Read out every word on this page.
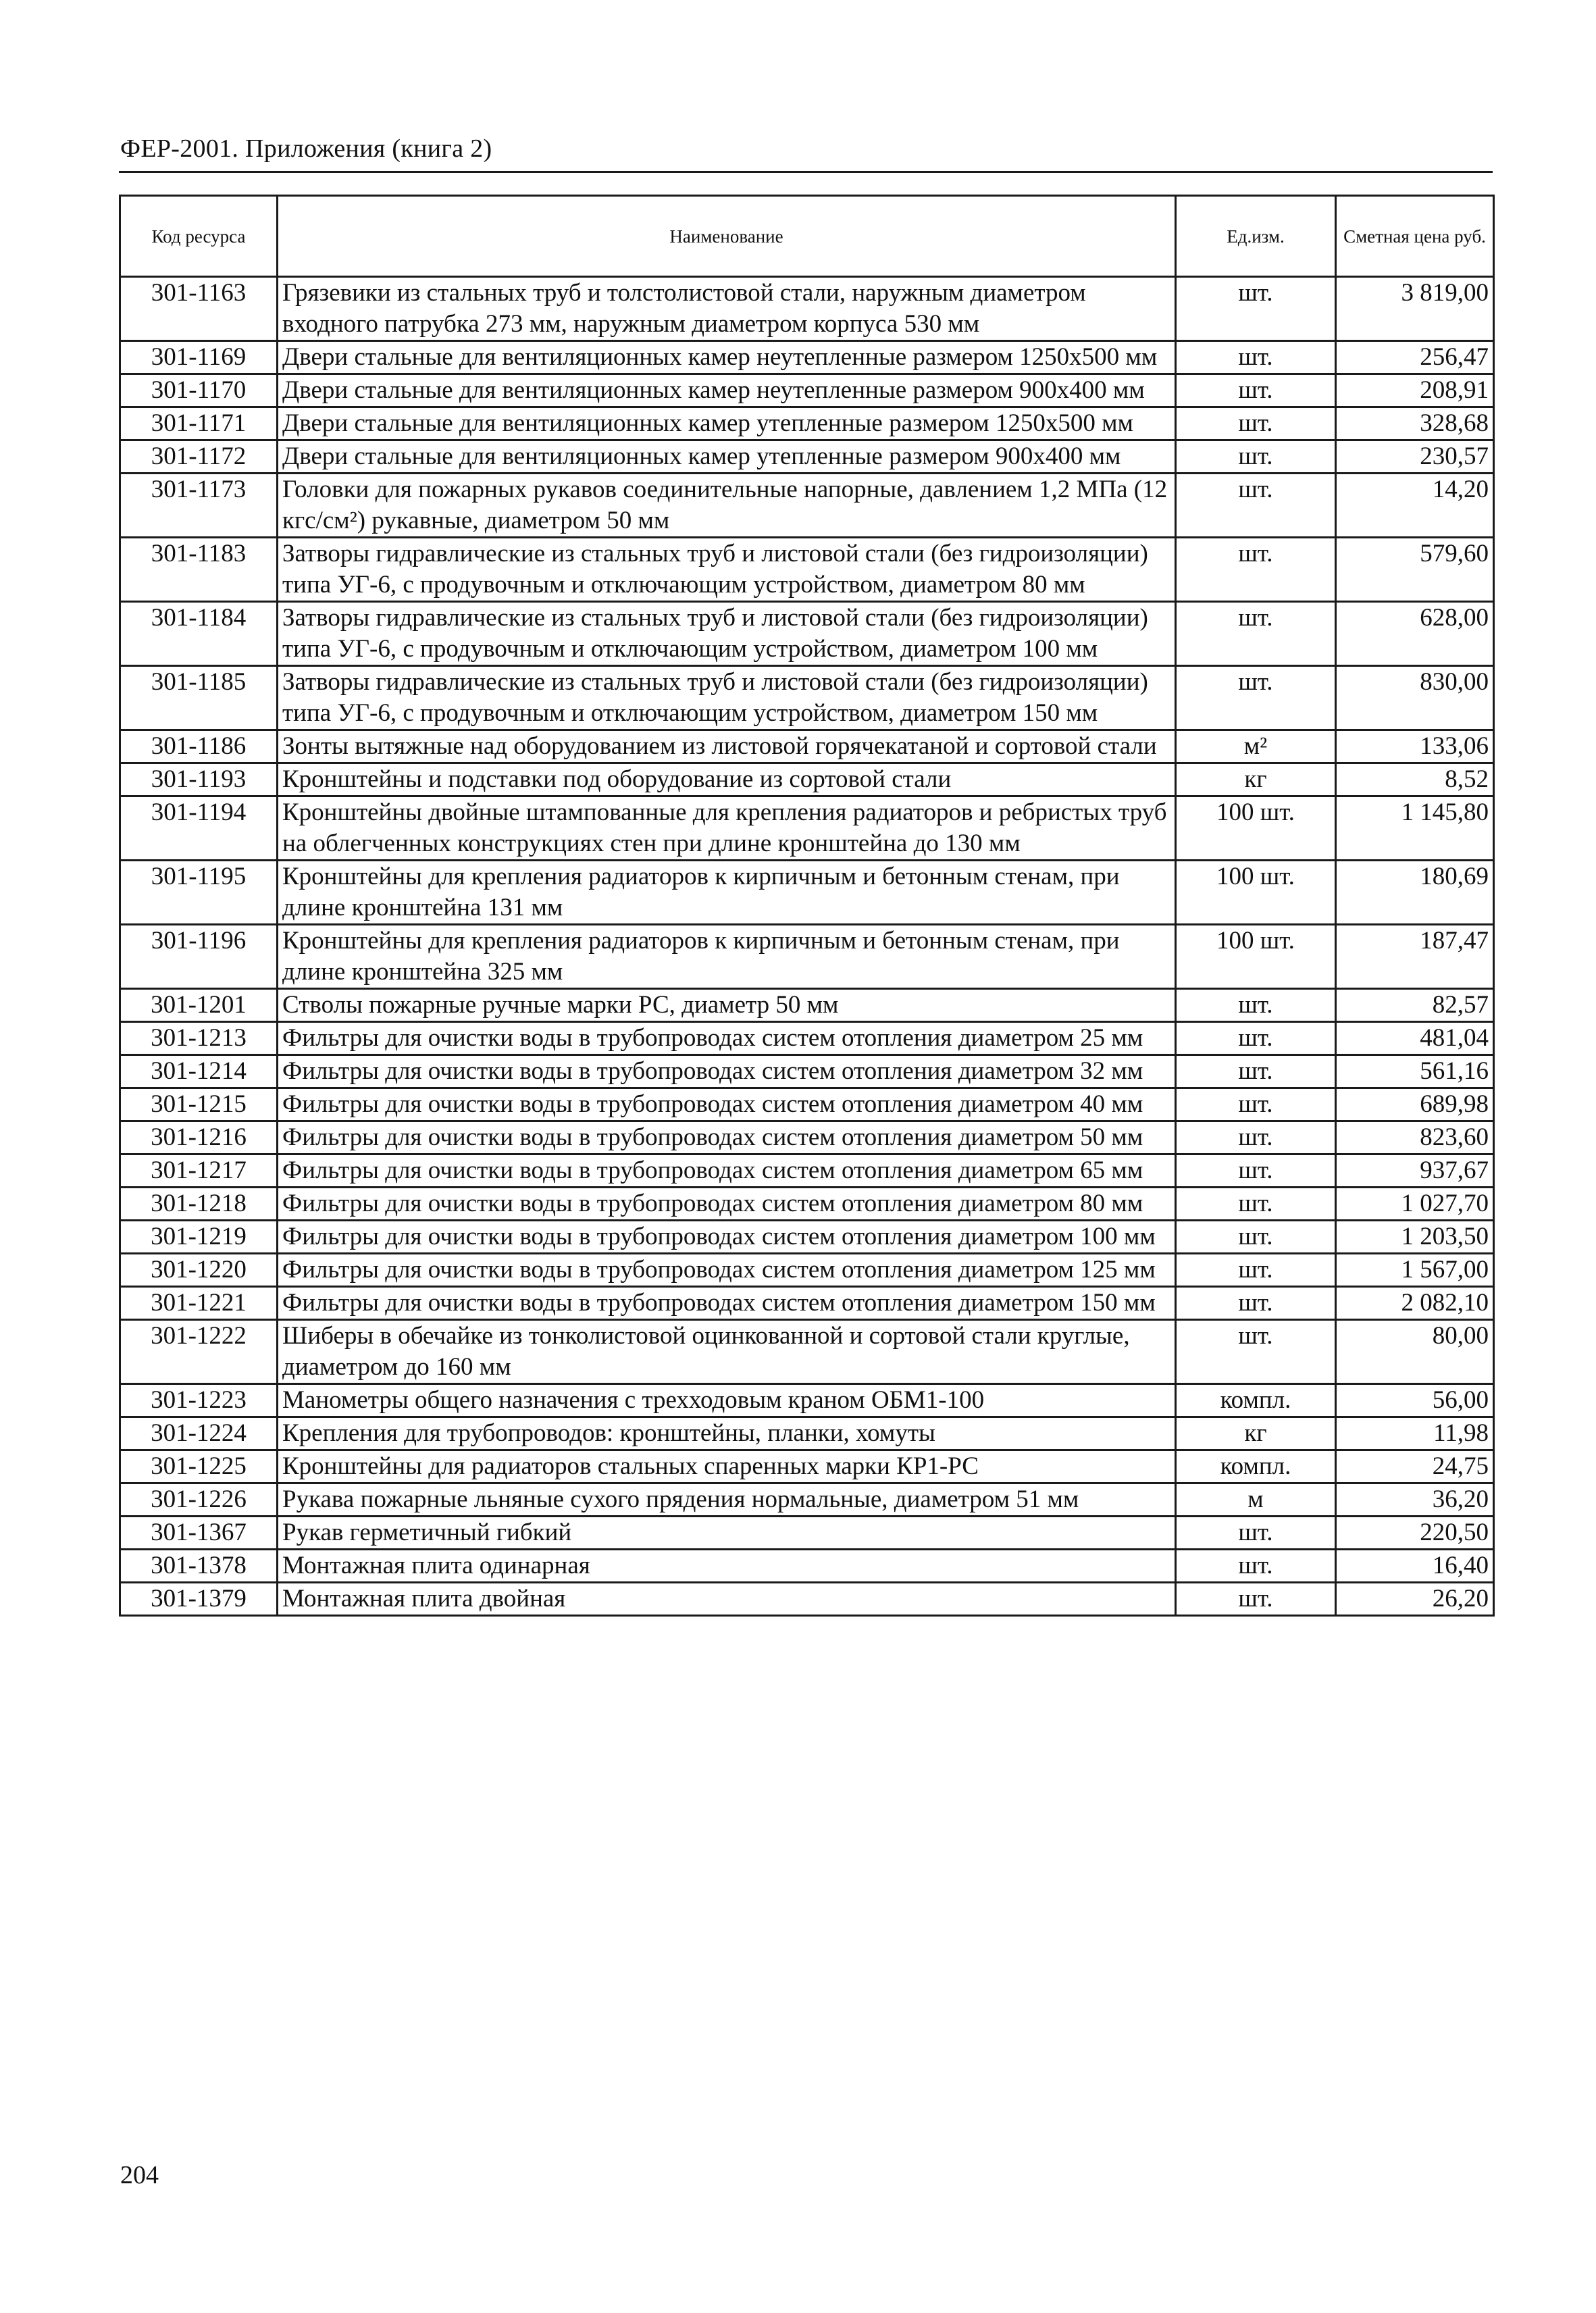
ФЕР-2001. Приложения (книга 2)
Код ресурса	Наименование	Ед.изм.	Сметная цена руб.
301-1163	Грязевики из стальных труб и толстолистовой стали, наружным диаметром входного патрубка 273 мм, наружным диаметром корпуса 530 мм	шт.	3 819,00
301-1169	Двери стальные для вентиляционных камер неутепленные размером 1250x500 мм	шт.	256,47
301-1170	Двери стальные для вентиляционных камер неутепленные размером 900x400 мм	шт.	208,91
301-1171	Двери стальные для вентиляционных камер утепленные размером 1250x500 мм	шт.	328,68
301-1172	Двери стальные для вентиляционных камер утепленные размером 900x400 мм	шт.	230,57
301-1173	Головки для пожарных рукавов соединительные напорные, давлением 1,2 МПа (12 кгс/см²) рукавные, диаметром 50 мм	шт.	14,20
301-1183	Затворы гидравлические из стальных труб и листовой стали (без гидроизоляции) типа УГ-6, с продувочным и отключающим устройством, диаметром 80 мм	шт.	579,60
301-1184	Затворы гидравлические из стальных труб и листовой стали (без гидроизоляции) типа УГ-6, с продувочным и отключающим устройством, диаметром 100 мм	шт.	628,00
301-1185	Затворы гидравлические из стальных труб и листовой стали (без гидроизоляции) типа УГ-6, с продувочным и отключающим устройством, диаметром 150 мм	шт.	830,00
301-1186	Зонты вытяжные над оборудованием из листовой горячекатаной и сортовой стали	м²	133,06
301-1193	Кронштейны и подставки под оборудование из сортовой стали	кг	8,52
301-1194	Кронштейны двойные штампованные для крепления радиаторов и ребристых труб на облегченных конструкциях стен при длине кронштейна до 130 мм	100 шт.	1 145,80
301-1195	Кронштейны для крепления радиаторов к кирпичным и бетонным стенам, при длине кронштейна 131 мм	100 шт.	180,69
301-1196	Кронштейны для крепления радиаторов к кирпичным и бетонным стенам, при длине кронштейна 325 мм	100 шт.	187,47
301-1201	Стволы пожарные ручные марки РС, диаметр 50 мм	шт.	82,57
301-1213	Фильтры для очистки воды в трубопроводах систем отопления диаметром 25 мм	шт.	481,04
301-1214	Фильтры для очистки воды в трубопроводах систем отопления диаметром 32 мм	шт.	561,16
301-1215	Фильтры для очистки воды в трубопроводах систем отопления диаметром 40 мм	шт.	689,98
301-1216	Фильтры для очистки воды в трубопроводах систем отопления диаметром 50 мм	шт.	823,60
301-1217	Фильтры для очистки воды в трубопроводах систем отопления диаметром 65 мм	шт.	937,67
301-1218	Фильтры для очистки воды в трубопроводах систем отопления диаметром 80 мм	шт.	1 027,70
301-1219	Фильтры для очистки воды в трубопроводах систем отопления диаметром 100 мм	шт.	1 203,50
301-1220	Фильтры для очистки воды в трубопроводах систем отопления диаметром 125 мм	шт.	1 567,00
301-1221	Фильтры для очистки воды в трубопроводах систем отопления диаметром 150 мм	шт.	2 082,10
301-1222	Шиберы в обечайке из тонколистовой оцинкованной и сортовой стали круглые, диаметром до 160 мм	шт.	80,00
301-1223	Манометры общего назначения с трехходовым краном ОБМ1-100	компл.	56,00
301-1224	Крепления для трубопроводов: кронштейны, планки, хомуты	кг	11,98
301-1225	Кронштейны для радиаторов стальных спаренных марки КР1-РС	компл.	24,75
301-1226	Рукава пожарные льняные сухого прядения нормальные, диаметром 51 мм	м	36,20
301-1367	Рукав герметичный гибкий	шт.	220,50
301-1378	Монтажная плита одинарная	шт.	16,40
301-1379	Монтажная плита двойная	шт.	26,20
204
